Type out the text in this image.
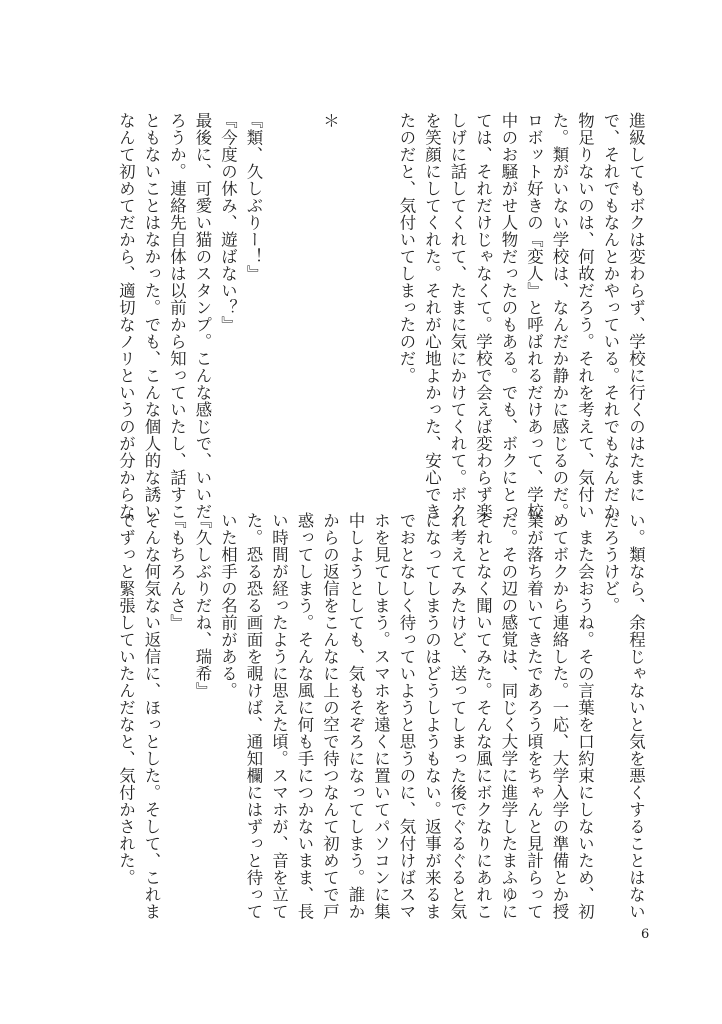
進級してもボクは変わらず、学校に行くのはたまに
で、それでもなんとかやっている。それでもなんだか
物足りないのは、何故だろう。それを考えて、気付い
た。類がいない学校は、なんだか静かに感じるのだ。
ロボット好きの『変人』と呼ばれるだけあって、学校
中のお騒がせ人物だったのもある。でも、ボクにとっ
ては、それだけじゃなくて。学校で会えば変わらず楽
しげに話してくれて、たまに気にかけてくれて。ボク
を笑顔にしてくれた。それが心地よかった、安心でき
たのだと、気付いてしまったのだ。
＊
『類、久しぶりー！』
『今度の休み、遊ばない？』
最後に、可愛い猫のスタンプ。こんな感じで、いいだ
ろうか。連絡先自体は以前から知っていたし、話すこ
ともないことはなかった。でも、こんな個人的な誘い
なんて初めてだから、適切なノリというのが分からな
い。類なら、余程じゃないと気を悪くすることはない
だろうけど。
　また会おうね。その言葉を口約束にしないため、初
めてボクから連絡した。一応、大学入学の準備とか授
業が落ち着いてきたであろう頃をちゃんと見計らって
だ。その辺の感覚は、同じく大学に進学したまふゆに
それとなく聞いてみた。そんな風にボクなりにあれこ
れ考えてみたけど、送ってしまった後でぐるぐると気
になってしまうのはどうしようもない。返事が来るま
でおとなしく待っていようと思うのに、気付けばスマ
ホを見てしまう。スマホを遠くに置いてパソコンに集
中しようとしても、気もそぞろになってしまう。誰か
からの返信をこんなに上の空で待つなんて初めてで戸
惑ってしまう。そんな風に何も手につかないまま、長
い時間が経ったように思えた頃。スマホが、音を立て
た。恐る恐る画面を覗けば、通知欄にはずっと待って
いた相手の名前がある。
『久しぶりだね、瑞希』
『もちろんさ』
そんな何気ない返信に、ほっとした。そして、これま
でずっと緊張していたんだなと、気付かされた。
6
